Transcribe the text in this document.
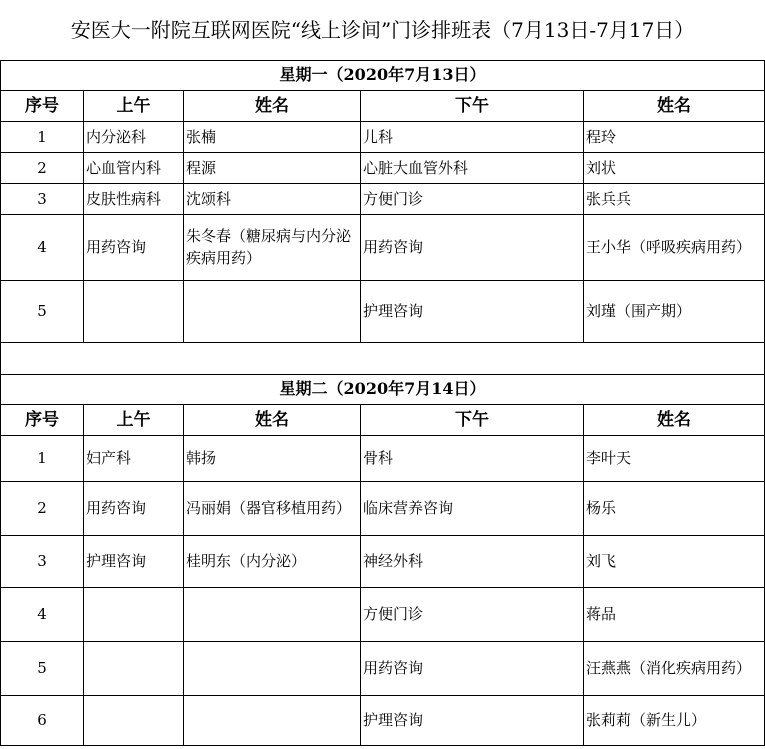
安医大一附院互联网医院“线上诊间”门诊排班表（7月13日-7月17日）				
星期一（2020年7月13日）				
序号	上午	姓名	下午	姓名
1	内分泌科	张楠	儿科	程玲
2	心血管内科	程源	心脏大血管外科	刘状
3	皮肤性病科	沈颂科	方便门诊	张兵兵
4	用药咨询	朱冬春（糖尿病与内分泌疾病用药）	用药咨询	王小华（呼吸疾病用药）
5			护理咨询	刘瑾（围产期）

星期二（2020年7月14日）				
序号	上午	姓名	下午	姓名
1	妇产科	韩扬	骨科	李叶天
2	用药咨询	冯丽娟（器官移植用药）	临床营养咨询	杨乐
3	护理咨询	桂明东（内分泌）	神经外科	刘飞
4			方便门诊	蒋品
5			用药咨询	汪燕燕（消化疾病用药）
6			护理咨询	张莉莉（新生儿）
